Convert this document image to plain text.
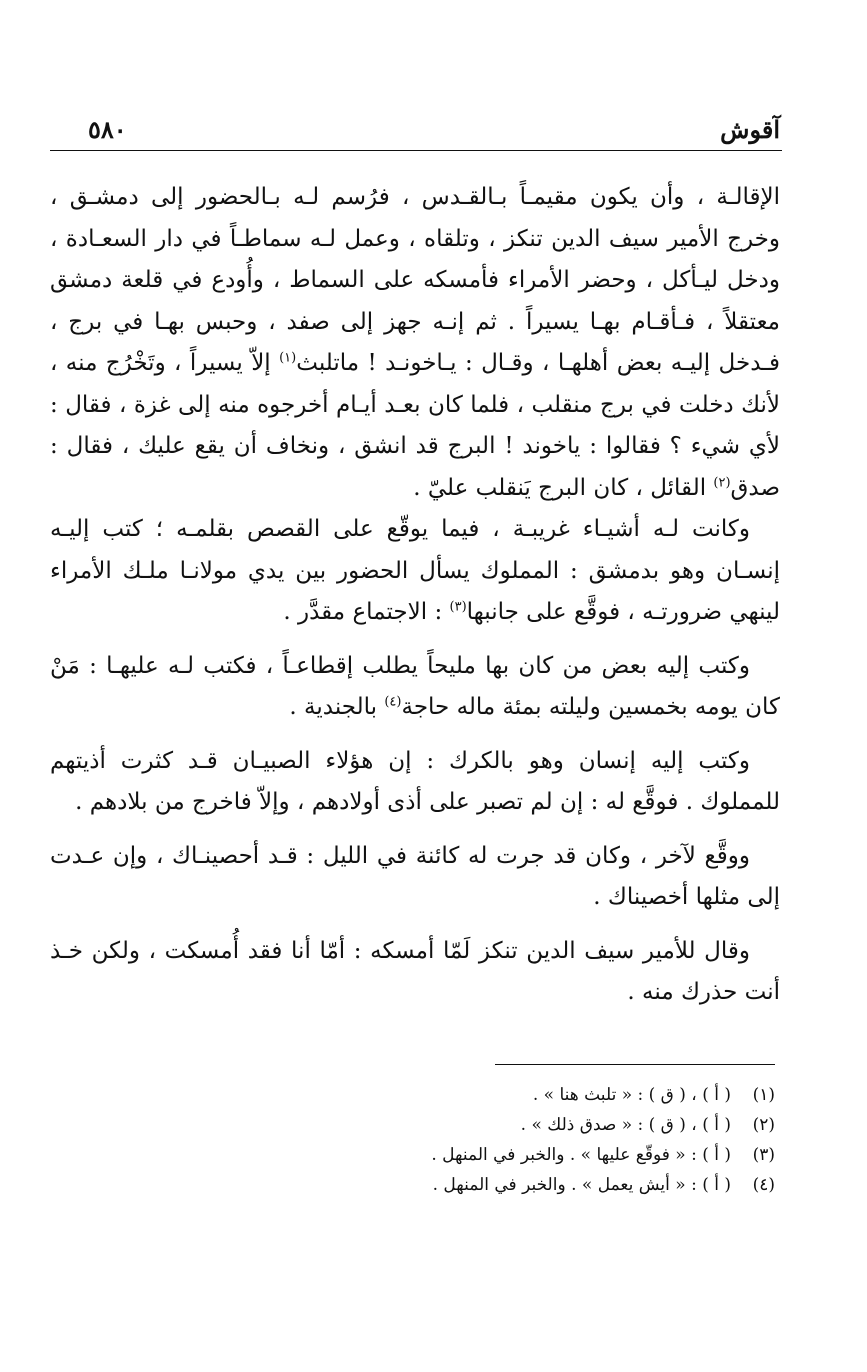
آقوش
٥٨٠

الإقالـة ، وأن يكون مقيمـاً بـالقـدس ، فرُسم لـه بـالحضور إلى دمشـق ، وخرج الأمير سيف الدين تنكز ، وتلقاه ، وعمل لـه سماطـاً في دار السعـادة ، ودخل ليـأكل ، وحضر الأمراء فأمسكه على السماط ، وأُودع في قلعة دمشق معتقلاً ، فـأقـام بهـا يسيراً . ثم إنـه جهز إلى صفد ، وحبس بهـا في برج ، فـدخل إليـه بعض أهلهـا ، وقـال : يـاخونـد ! ماتلبث$^{(١)}$ إلاّ يسيراً ، وتَخْرُج منه ، لأنك دخلت في برج منقلب ، فلما كان بعـد أيـام أخرجوه منه إلى غزة ، فقال : لأي شيء ؟ فقالوا : ياخوند ! البرج قد انشق ، ونخاف أن يقع عليك ، فقال : صدق$^{(٢)}$ القائل ، كان البرج يَنقلب عليّ .

وكانت لـه أشيـاء غريبـة ، فيما يوقّع على القصص بقلمـه ؛ كتب إليـه إنسـان وهو بدمشق : المملوك يسأل الحضور بين يدي مولانـا ملـك الأمراء لينهي ضرورتـه ، فوقَّع على جانبها$^{(٣)}$ : الاجتماع مقدَّر .

وكتب إليه بعض من كان بها مليحاً يطلب إقطاعـاً ، فكتب لـه عليهـا : مَنْ كان يومه بخمسين وليلته بمئة ماله حاجة$^{(٤)}$ بالجندية .

وكتب إليه إنسان وهو بالكرك : إن هؤلاء الصبيـان قـد كثرت أذيتهم للمملوك . فوقَّع له : إن لم تصبر على أذى أولادهم ، وإلاّ فاخرج من بلادهم .

ووقَّع لآخر ، وكان قد جرت له كائنة في الليل : قـد أحصينـاك ، وإن عـدت إلى مثلها أخصيناك .

وقال للأمير سيف الدين تنكز لَمّا أمسكه : أمّا أنا فقد أُمسكت ، ولكن خـذ أنت حذرك منه .

(١)
( أ ) ، ( ق ) : « تلبث هنا » .
(٢)
( أ ) ، ( ق ) : « صدق ذلك » .
(٣)
( أ ) : « فوقّع عليها » . والخبر في المنهل .
(٤)
( أ ) : « أيش يعمل » . والخبر في المنهل .
